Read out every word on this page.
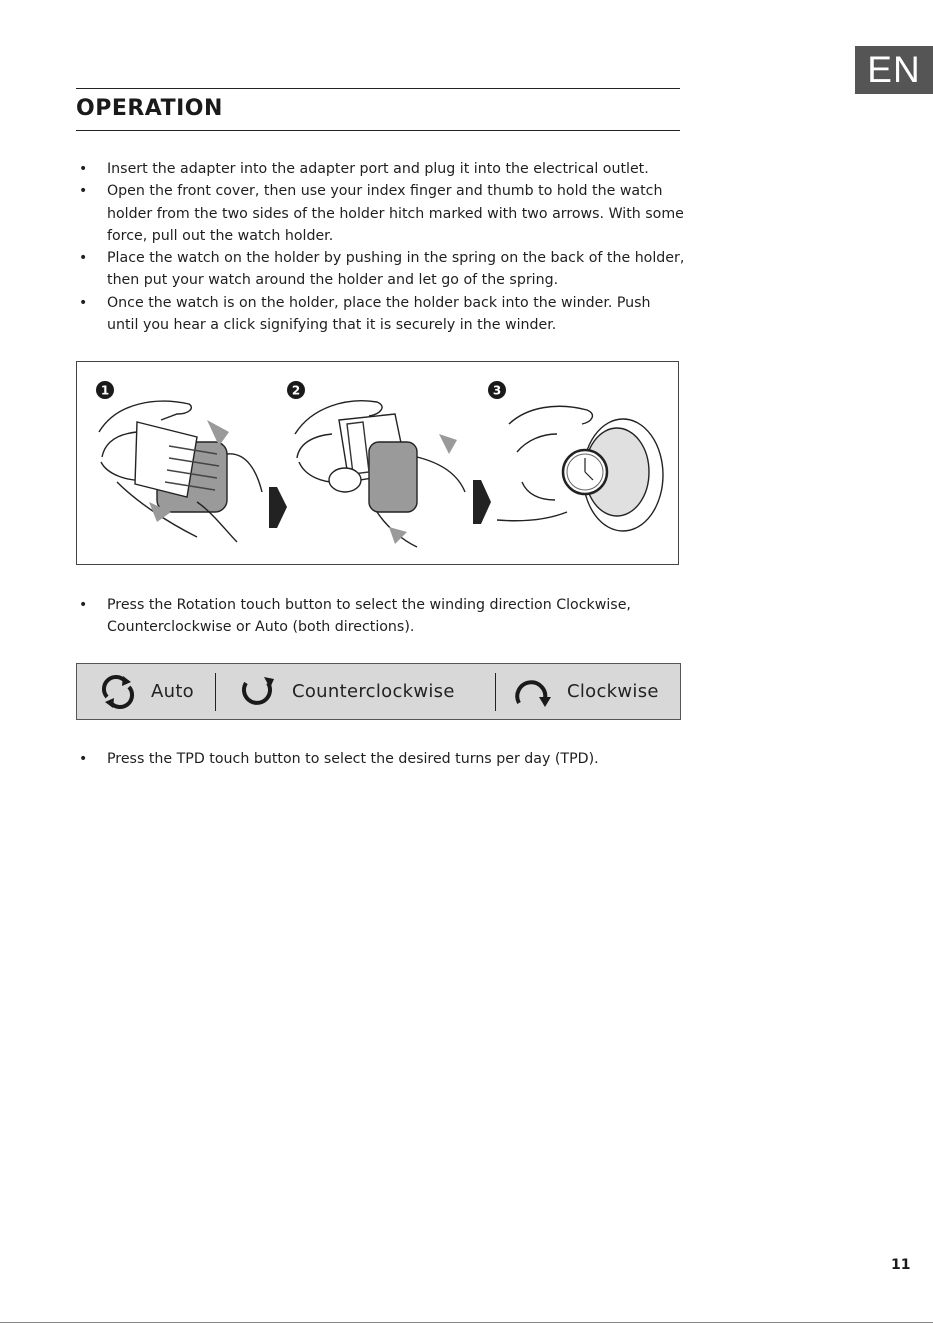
EN
OPERATION
• Insert the adapter into the adapter port and plug it into the electrical outlet.
• Open the front cover, then use your index finger and thumb to hold the watch holder from the two sides of the holder hitch marked with two arrows. With some force, pull out the watch holder.
• Place the watch on the holder by pushing in the spring on the back of the holder, then put your watch around the holder and let go of the spring.
• Once the watch is on the holder, place the holder back into the winder. Push until you hear a click signifying that it is securely in the winder.
1	2	3
• Press the Rotation touch button to select the winding direction Clockwise, Counterclockwise or Auto (both directions).
Auto	Counterclockwise	Clockwise
• Press the TPD touch button to select the desired turns per day (TPD).
11
